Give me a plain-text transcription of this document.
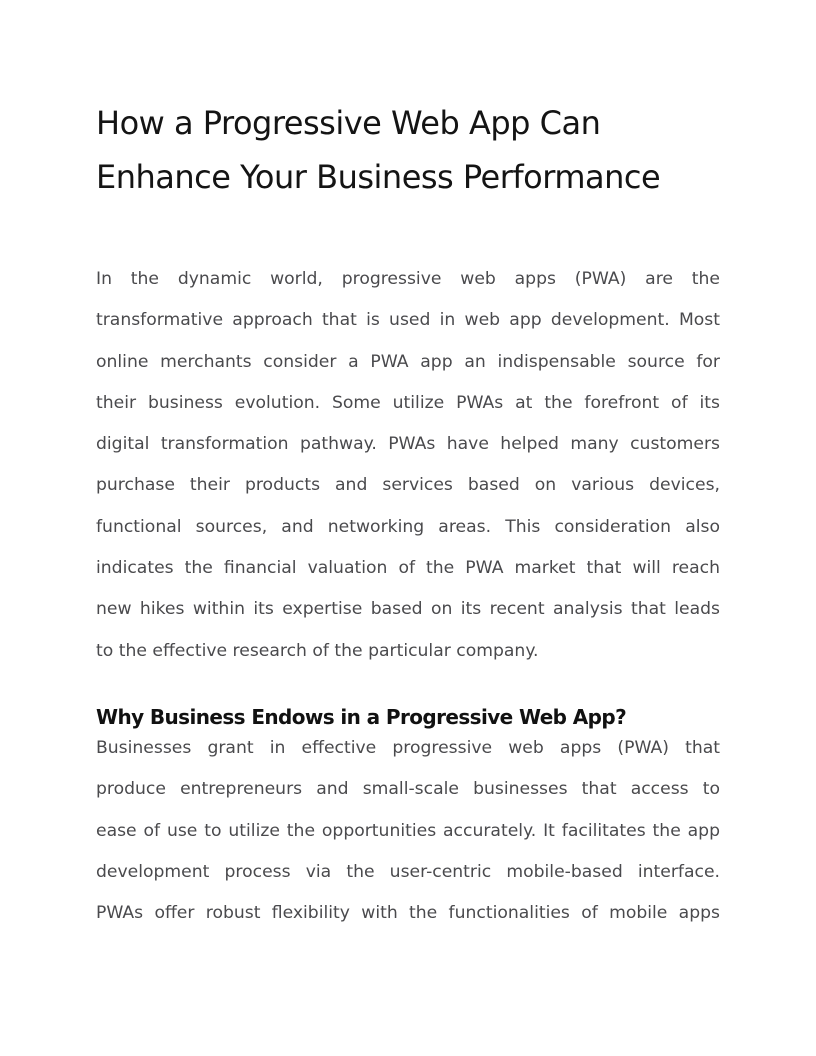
How a Progressive Web App Can
Enhance Your Business Performance

In the dynamic world, progressive web apps (PWA) are the
transformative approach that is used in web app development. Most
online merchants consider a PWA app an indispensable source for
their business evolution. Some utilize PWAs at the forefront of its
digital transformation pathway. PWAs have helped many customers
purchase their products and services based on various devices,
functional sources, and networking areas. This consideration also
indicates the financial valuation of the PWA market that will reach
new hikes within its expertise based on its recent analysis that leads
to the effective research of the particular company.

Why Business Endows in a Progressive Web App?

Businesses grant in effective progressive web apps (PWA) that
produce entrepreneurs and small-scale businesses that access to
ease of use to utilize the opportunities accurately. It facilitates the app
development process via the user-centric mobile-based interface.
PWAs offer robust flexibility with the functionalities of mobile apps
